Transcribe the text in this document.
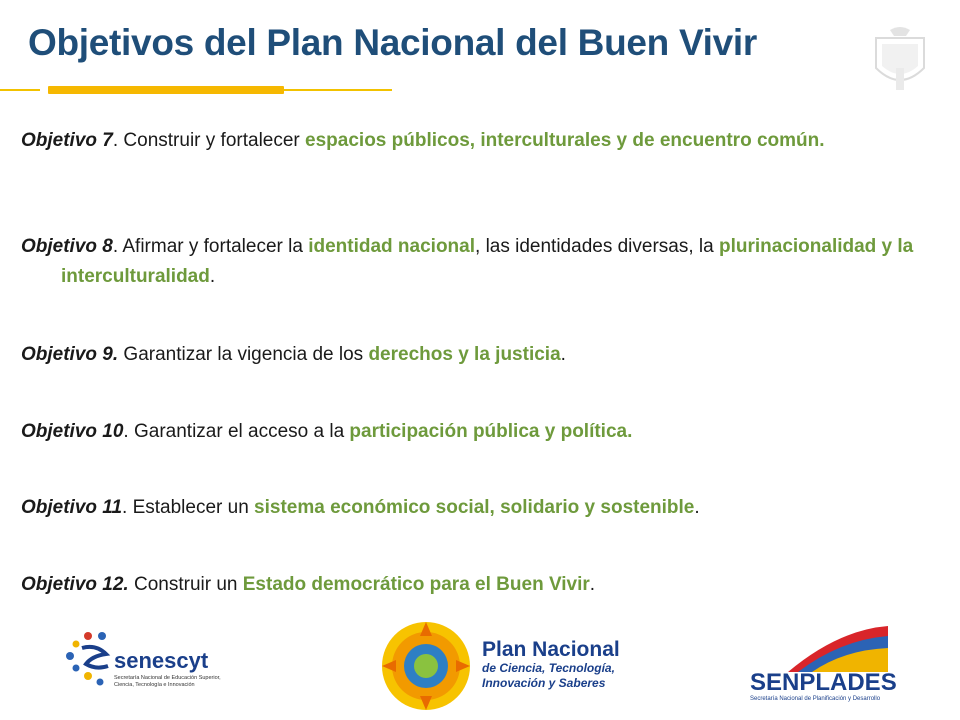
Objetivos del Plan Nacional del Buen Vivir
Objetivo 7. Construir y fortalecer espacios públicos, interculturales y de encuentro común.
Objetivo 8. Afirmar y fortalecer la identidad nacional, las identidades diversas, la plurinacionalidad y la interculturalidad.
Objetivo 9. Garantizar la vigencia de los derechos y la justicia.
Objetivo 10. Garantizar el acceso a la participación pública y política.
Objetivo 11. Establecer un sistema económico social, solidario y sostenible.
Objetivo 12. Construir un Estado democrático para el Buen Vivir.
senescyt
Secretaría Nacional de Educación Superior,
Ciencia, Tecnología e Innovación
Plan Nacional
de Ciencia, Tecnología,
Innovación y Saberes	SENPLADES
Secretaría Nacional de Planificación y Desarrollo
